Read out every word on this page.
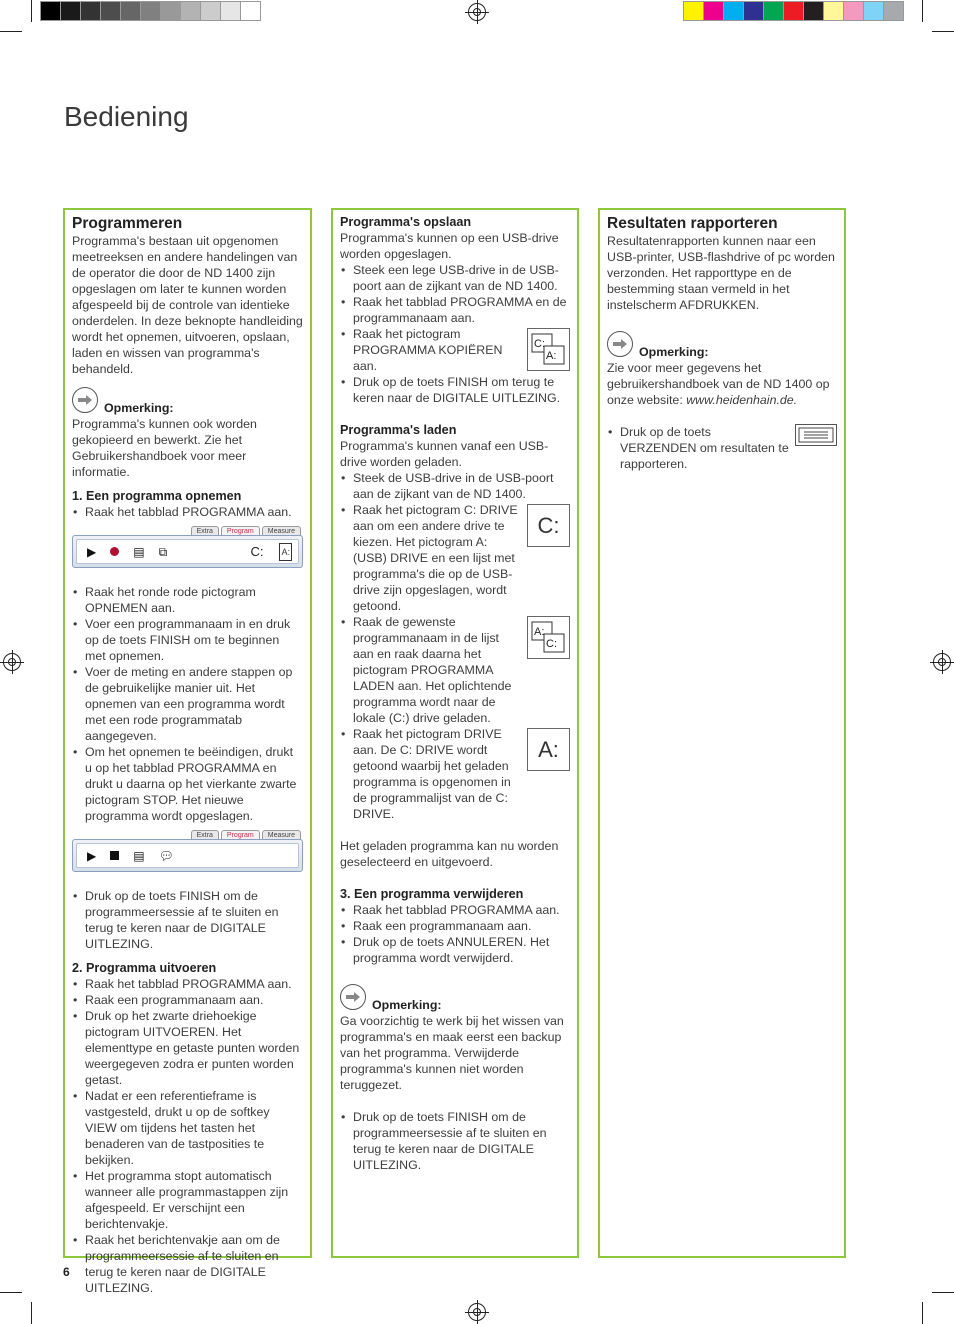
Bediening
Programmeren

Programma's bestaan uit opgenomen meetreeksen en andere handelingen van de operator die door de ND 1400 zijn opgeslagen om later te kunnen worden afgespeeld bij de controle van identieke onderdelen. In deze beknopte handleiding wordt het opnemen, uitvoeren, opslaan, laden en wissen van programma's behandeld.

Opmerking:

Programma's kunnen ook worden gekopieerd en bewerkt. Zie het Gebruikershandboek voor meer informatie.

1. Een programma opnemen
• Raak het tabblad PROGRAMMA aan.
Extra	Program	Measure
▶	▤ ⧉	C: A:
• Raak het ronde rode pictogram OPNEMEN aan.
• Voer een programmanaam in en druk op de toets FINISH om te beginnen met opnemen.
• Voer de meting en andere stappen op de gebruikelijke manier uit. Het opnemen van een programma wordt met een rode programmatab aangegeven.
• Om het opnemen te beëindigen, drukt u op het tabblad PROGRAMMA en drukt u daarna op het vierkante zwarte pictogram STOP. Het nieuwe programma wordt opgeslagen.
Extra	Program	Measure
▶	▤ 💬︎
• Druk op de toets FINISH om de programmeersessie af te sluiten en terug te keren naar de DIGITALE UITLEZING.
2. Programma uitvoeren
• Raak het tabblad PROGRAMMA aan.
• Raak een programmanaam aan.
• Druk op het zwarte driehoekige pictogram UITVOEREN. Het elementtype en getaste punten worden weergegeven zodra er punten worden getast.
• Nadat er een referentieframe is vastgesteld, drukt u op de softkey VIEW om tijdens het tasten het benaderen van de tastposities te bekijken.
• Het programma stopt automatisch wanneer alle programmastappen zijn afgespeeld. Er verschijnt een berichtenvakje.
• Raak het berichtenvakje aan om de programmeersessie af te sluiten en terug te keren naar de DIGITALE UITLEZING.
Programma's opslaan

Programma's kunnen op een USB-drive worden opgeslagen.

• Steek een lege USB-drive in de USB-poort aan de zijkant van de ND 1400.
• Raak het tabblad PROGRAMMA en de programmanaam aan.
• Raak het pictogram PROGRAMMA KOPIËREN aan.
C:
A:
• Druk op de toets FINISH om terug te keren naar de DIGITALE UITLEZING.
Programma's laden

Programma's kunnen vanaf een USB-drive worden geladen.

• Steek de USB-drive in de USB-poort aan de zijkant van de ND 1400.
• Raak het pictogram C: DRIVE aan om een andere drive te kiezen. Het pictogram A: (USB) DRIVE en een lijst met programma's die op de USB-drive zijn opgeslagen, wordt getoond.
C:
• Raak de gewenste programmanaam in de lijst aan en raak daarna het pictogram PROGRAMMA LADEN aan. Het oplichtende programma wordt naar de lokale (C:) drive geladen.
A:
C:
• Raak het pictogram DRIVE aan. De C: DRIVE wordt getoond waarbij het geladen programma is opgenomen in de programmalijst van de C: DRIVE.
A:

Het geladen programma kan nu worden geselecteerd en uitgevoerd.

3. Een programma verwijderen
• Raak het tabblad PROGRAMMA aan.
• Raak een programmanaam aan.
• Druk op de toets ANNULEREN. Het programma wordt verwijderd.
Opmerking:

Ga voorzichtig te werk bij het wissen van programma's en maak eerst een backup van het programma. Verwijderde programma's kunnen niet worden teruggezet.

• Druk op de toets FINISH om de programmeersessie af te sluiten en terug te keren naar de DIGITALE UITLEZING.
Resultaten rapporteren

Resultatenrapporten kunnen naar een USB-printer, USB-flashdrive of pc worden verzonden. Het rapporttype en de bestemming staan vermeld in het instelscherm AFDRUKKEN.

Opmerking:

Zie voor meer gegevens het gebruikershandboek van de ND 1400 op onze website: www.heidenhain.de.

• Druk op de toets VERZENDEN om resultaten te rapporteren.
6
